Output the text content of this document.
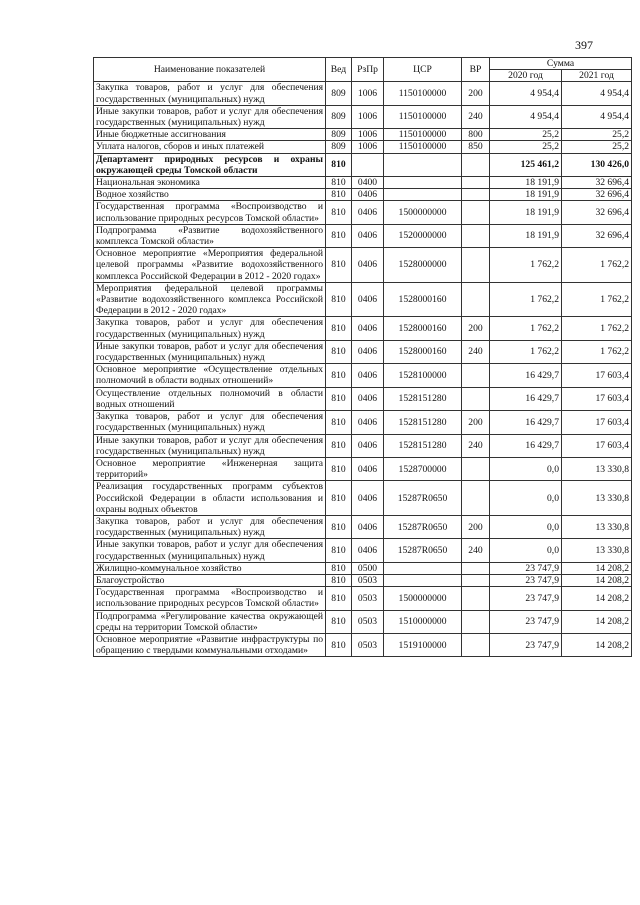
397
Наименование показателей	Вед	РзПр	ЦСР	ВР	Сумма	
					2020 год	2021 год
Закупка товаров, работ и услуг для обеспечения государственных (муниципальных) нужд	809	1006	1150100000	200	4 954,4	4 954,4
Иные закупки товаров, работ и услуг для обеспечения государственных (муниципальных) нужд	809	1006	1150100000	240	4 954,4	4 954,4
Иные бюджетные ассигнования	809	1006	1150100000	800	25,2	25,2
Уплата налогов, сборов и иных платежей	809	1006	1150100000	850	25,2	25,2
Департамент природных ресурсов и охраны окружающей среды Томской области	810				125 461,2	130 426,0
Национальная экономика	810	0400			18 191,9	32 696,4
Водное хозяйство	810	0406			18 191,9	32 696,4
Государственная программа «Воспроизводство и использование природных ресурсов Томской области»	810	0406	1500000000		18 191,9	32 696,4
Подпрограмма «Развитие водохозяйственного комплекса Томской области»	810	0406	1520000000		18 191,9	32 696,4
Основное мероприятие «Мероприятия федеральной целевой программы «Развитие водохозяйственного комплекса Российской Федерации в 2012 - 2020 годах»	810	0406	1528000000		1 762,2	1 762,2
Мероприятия федеральной целевой программы «Развитие водохозяйственного комплекса Российской Федерации в 2012 - 2020 годах»	810	0406	1528000160		1 762,2	1 762,2
Закупка товаров, работ и услуг для обеспечения государственных (муниципальных) нужд	810	0406	1528000160	200	1 762,2	1 762,2
Иные закупки товаров, работ и услуг для обеспечения государственных (муниципальных) нужд	810	0406	1528000160	240	1 762,2	1 762,2
Основное мероприятие «Осуществление отдельных полномочий в области водных отношений»	810	0406	1528100000		16 429,7	17 603,4
Осуществление отдельных полномочий в области водных отношений	810	0406	1528151280		16 429,7	17 603,4
Закупка товаров, работ и услуг для обеспечения государственных (муниципальных) нужд	810	0406	1528151280	200	16 429,7	17 603,4
Иные закупки товаров, работ и услуг для обеспечения государственных (муниципальных) нужд	810	0406	1528151280	240	16 429,7	17 603,4
Основное мероприятие «Инженерная защита территорий»	810	0406	1528700000		0,0	13 330,8
Реализация государственных программ субъектов Российской Федерации в области использования и охраны водных объектов	810	0406	15287R0650		0,0	13 330,8
Закупка товаров, работ и услуг для обеспечения государственных (муниципальных) нужд	810	0406	15287R0650	200	0,0	13 330,8
Иные закупки товаров, работ и услуг для обеспечения государственных (муниципальных) нужд	810	0406	15287R0650	240	0,0	13 330,8
Жилищно-коммунальное хозяйство	810	0500			23 747,9	14 208,2
Благоустройство	810	0503			23 747,9	14 208,2
Государственная программа «Воспроизводство и использование природных ресурсов Томской области»	810	0503	1500000000		23 747,9	14 208,2
Подпрограмма «Регулирование качества окружающей среды на территории Томской области»	810	0503	1510000000		23 747,9	14 208,2
Основное мероприятие «Развитие инфраструктуры по обращению с твердыми коммунальными отходами»	810	0503	1519100000		23 747,9	14 208,2
